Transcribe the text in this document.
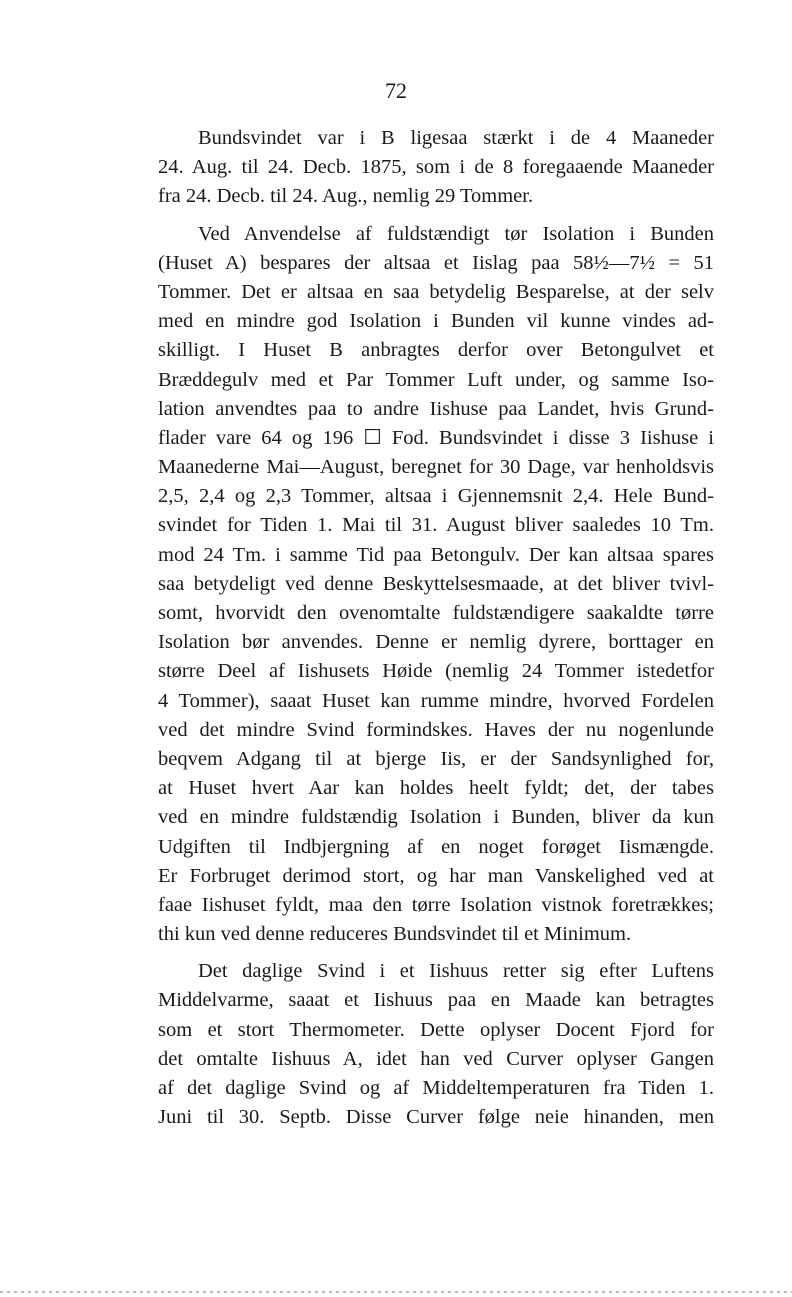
72
Bundsvindet var i B ligesaa stærkt i de 4 Maaneder
24. Aug. til 24. Decb. 1875, som i de 8 foregaaende Maaneder
fra 24. Decb. til 24. Aug., nemlig 29 Tommer.
Ved Anvendelse af fuldstændigt tør Isolation i Bunden
(Huset A) bespares der altsaa et Iislag paa 58½—7½ = 51
Tommer. Det er altsaa en saa betydelig Besparelse, at der selv
med en mindre god Isolation i Bunden vil kunne vindes ad-
skilligt. I Huset B anbragtes derfor over Betongulvet et
Bræddegulv med et Par Tommer Luft under, og samme Iso-
lation anvendtes paa to andre Iishuse paa Landet, hvis Grund-
flader vare 64 og 196 ☐ Fod. Bundsvindet i disse 3 Iishuse i
Maanederne Mai—August, beregnet for 30 Dage, var henholdsvis
2,5, 2,4 og 2,3 Tommer, altsaa i Gjennemsnit 2,4. Hele Bund-
svindet for Tiden 1. Mai til 31. August bliver saaledes 10 Tm.
mod 24 Tm. i samme Tid paa Betongulv. Der kan altsaa spares
saa betydeligt ved denne Beskyttelsesmaade, at det bliver tvivl-
somt, hvorvidt den ovenomtalte fuldstændigere saakaldte tørre
Isolation bør anvendes. Denne er nemlig dyrere, borttager en
større Deel af Iishusets Høide (nemlig 24 Tommer istedetfor
4 Tommer), saaat Huset kan rumme mindre, hvorved Fordelen
ved det mindre Svind formindskes. Haves der nu nogenlunde
beqvem Adgang til at bjerge Iis, er der Sandsynlighed for,
at Huset hvert Aar kan holdes heelt fyldt; det, der tabes
ved en mindre fuldstændig Isolation i Bunden, bliver da kun
Udgiften til Indbjergning af en noget forøget Iismængde.
Er Forbruget derimod stort, og har man Vanskelighed ved at
faae Iishuset fyldt, maa den tørre Isolation vistnok foretrækkes;
thi kun ved denne reduceres Bundsvindet til et Minimum.
Det daglige Svind i et Iishuus retter sig efter Luftens
Middelvarme, saaat et Iishuus paa en Maade kan betragtes
som et stort Thermometer. Dette oplyser Docent Fjord for
det omtalte Iishuus A, idet han ved Curver oplyser Gangen
af det daglige Svind og af Middeltemperaturen fra Tiden 1.
Juni til 30. Septb. Disse Curver følge neie hinanden, men
